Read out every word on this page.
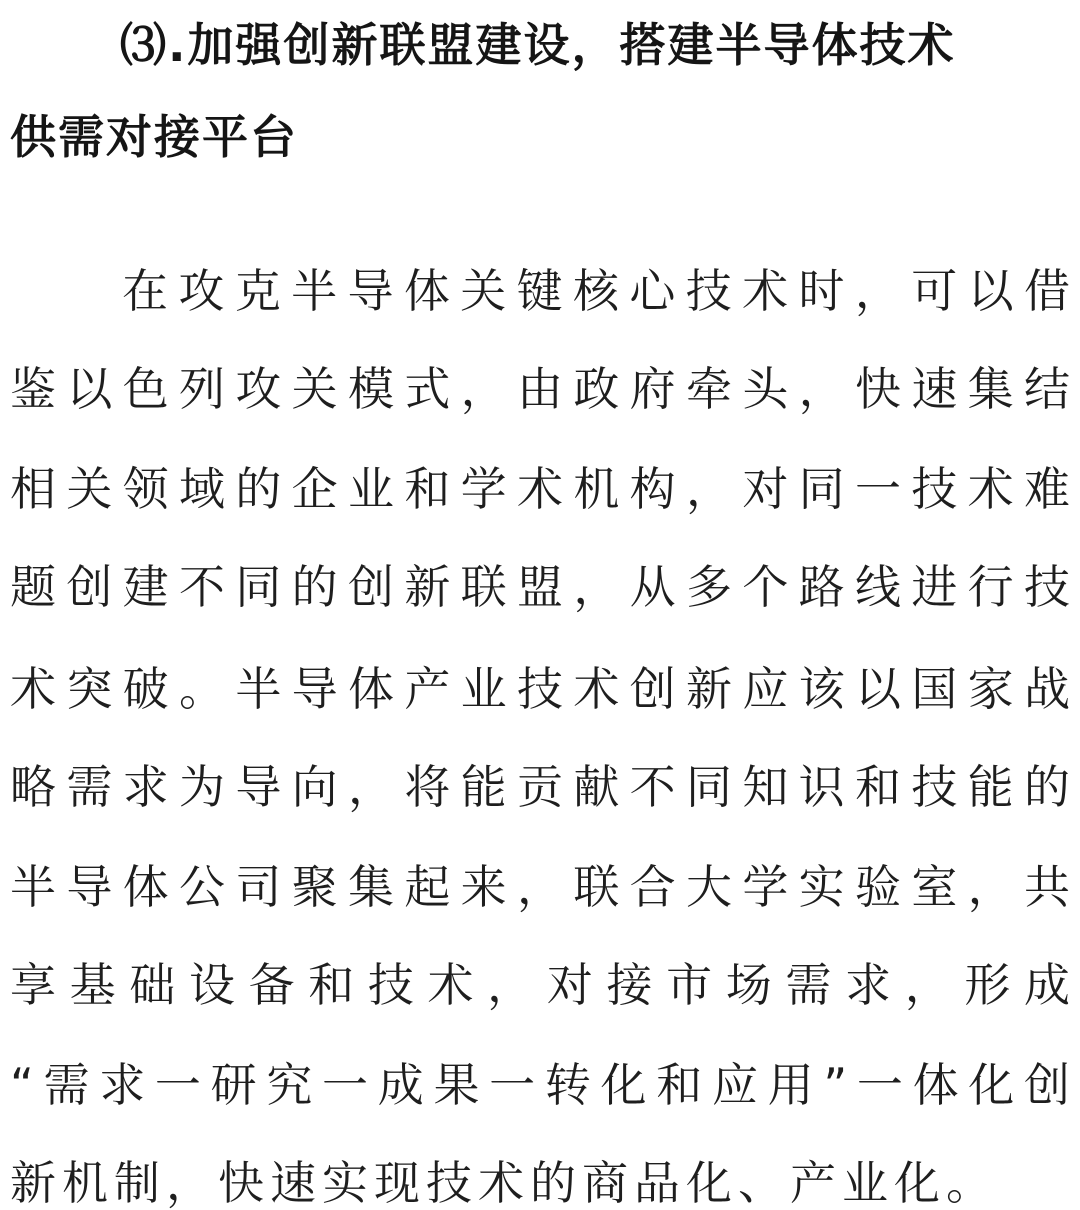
⑶.加强创新联盟建设，搭建半导体技术
供需对接平台

在攻克半导体关键核心技术时，可以借

鉴以色列攻关模式，由政府牵头，快速集结

相关领域的企业和学术机构，对同一技术难

题创建不同的创新联盟，从多个路线进行技

术突破。半导体产业技术创新应该以国家战

略需求为导向，将能贡献不同知识和技能的

半导体公司聚集起来，联合大学实验室，共

享基础设备和技术，对接市场需求，形成

“需求一研究一成果一转化和应用”一体化创

新机制，快速实现技术的商品化、产业化。
